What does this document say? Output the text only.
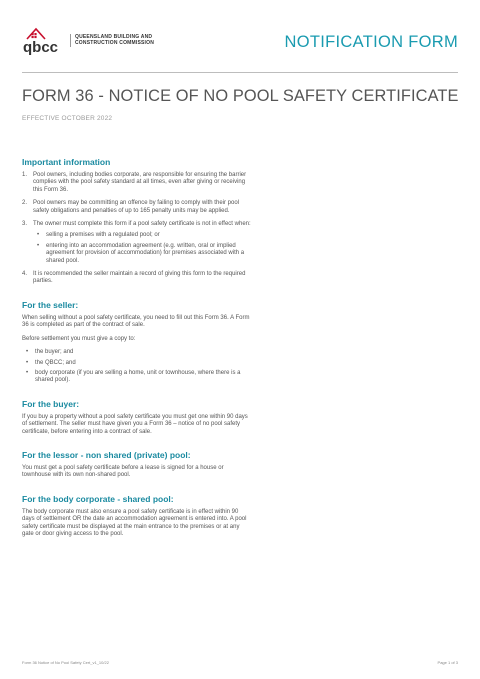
qbcc
QUEENSLAND BUILDING AND
CONSTRUCTION COMMISSION	NOTIFICATION FORM
FORM 36 - NOTICE OF NO POOL SAFETY CERTIFICATE
EFFECTIVE OCTOBER 2022
Important information
1. Pool owners, including bodies corporate, are responsible for ensuring the barrier complies with the pool safety standard at all times, even after giving or receiving this Form 36.
2. Pool owners may be committing an offence by failing to comply with their pool safety obligations and penalties of up to 165 penalty units may be applied.
3. The owner must complete this form if a pool safety certificate is not in effect when:
• selling a premises with a regulated pool; or
• entering into an accommodation agreement (e.g. written, oral or implied agreement for provision of accommodation) for premises associated with a shared pool.
4. It is recommended the seller maintain a record of giving this form to the required parties.
For the seller:

When selling without a pool safety certificate, you need to fill out this Form 36. A Form 36 is completed as part of the contract of sale.

Before settlement you must give a copy to:

• the buyer; and
• the QBCC; and
• body corporate (if you are selling a home, unit or townhouse, where there is a shared pool).
For the buyer:

If you buy a property without a pool safety certificate you must get one within 90 days of settlement. The seller must have given you a Form 36 – notice of no pool safety certificate, before entering into a contract of sale.

For the lessor - non shared (private) pool:

You must get a pool safety certificate before a lease is signed for a house or townhouse with its own non-shared pool.

For the body corporate - shared pool:

The body corporate must also ensure a pool safety certificate is in effect within 90 days of settlement OR the date an accommodation agreement is entered into. A pool safety certificate must be displayed at the main entrance to the premises or at any gate or door giving access to the pool.

Form 36 Notice of No Pool Safety Cert_v1_10/22	Page 1 of 3
